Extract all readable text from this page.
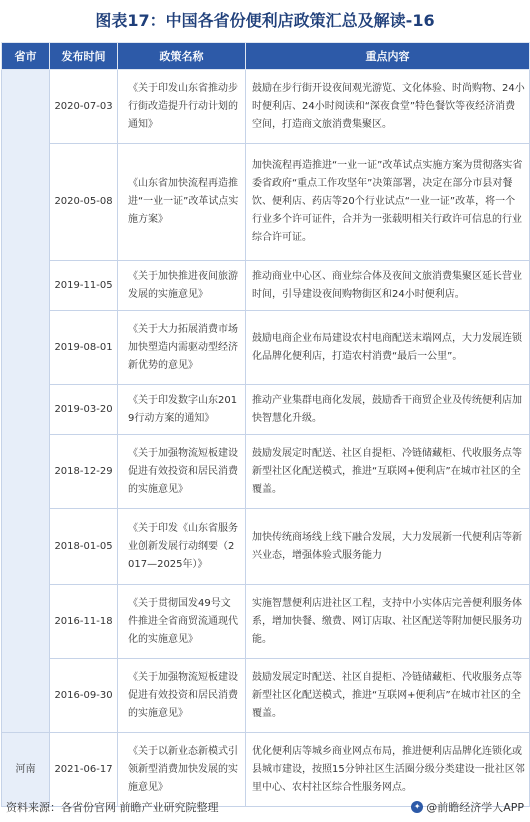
图表17：中国各省份便利店政策汇总及解读-16
省市	发布时间	政策名称	重点内容
	2020-07-03	《关于印发山东省推动步行街改造提升行动计划的通知》	鼓励在步行街开设夜间观光游览、文化体验、时尚购物、24小时便利店、24小时阅读和“深夜食堂”特色餐饮等夜经济消费空间，打造商文旅消费集聚区。
	2020-05-08	《山东省加快流程再造推进“一业一证”改革试点实施方案》	加快流程再造推进“一业一证”改革试点实施方案为贯彻落实省委省政府“重点工作攻坚年”决策部署，决定在部分市县对餐饮、便利店、药店等20个行业试点“一业一证”改革，将一个行业多个许可证件，合并为一张载明相关行政许可信息的行业综合许可证。
	2019-11-05	《关于加快推进夜间旅游发展的实施意见》	推动商业中心区、商业综合体及夜间文旅消费集聚区延长营业时间，引导建设夜间购物街区和24小时便利店。
	2019-08-01	《关于大力拓展消费市场加快塑造内需驱动型经济新优势的意见》	鼓励电商企业布局建设农村电商配送末端网点，大力发展连锁化品牌化便利店，打造农村消费“最后一公里”。
	2019-03-20	《关于印发数字山东2019行动方案的通知》	推动产业集群电商化发展，鼓励香干商贸企业及传统便利店加快智慧化升级。
	2018-12-29	《关于加强物流短板建设促进有效投资和居民消费的实施意见》	鼓励发展定时配送、社区自提柜、冷链储藏柜、代收服务点等新型社区化配送模式，推进“互联网+便利店”在城市社区的全覆盖。
	2018-01-05	《关于印发《山东省服务业创新发展行动纲要（2017—2025年）》	加快传统商场线上线下融合发展，大力发展新一代便利店等新兴业态，增强体验式服务能力
	2016-11-18	《关于贯彻国发49号文件推进全省商贸流通现代化的实施意见》	实施智慧便利店进社区工程，支持中小实体店完善便利服务体系，增加快餐、缴费、网订店取、社区配送等附加便民服务功能。
	2016-09-30	《关于加强物流短板建设促进有效投资和居民消费的实施意见》	鼓励发展定时配送、社区自提柜、冷链储藏柜、代收服务点等新型社区化配送模式，推进“互联网+便利店”在城市社区的全覆盖。
河南	2021-06-17	《关于以新业态新模式引领新型消费加快发展的实施意见》	优化便利店等城乡商业网点布局，推进便利店品牌化连锁化或县城市建设，按照15分钟社区生活圈分级分类建设一批社区邻里中心、农村社区综合性服务网点。
资料来源：各省份官网 前瞻产业研究院整理	✦ @前瞻经济学人APP
